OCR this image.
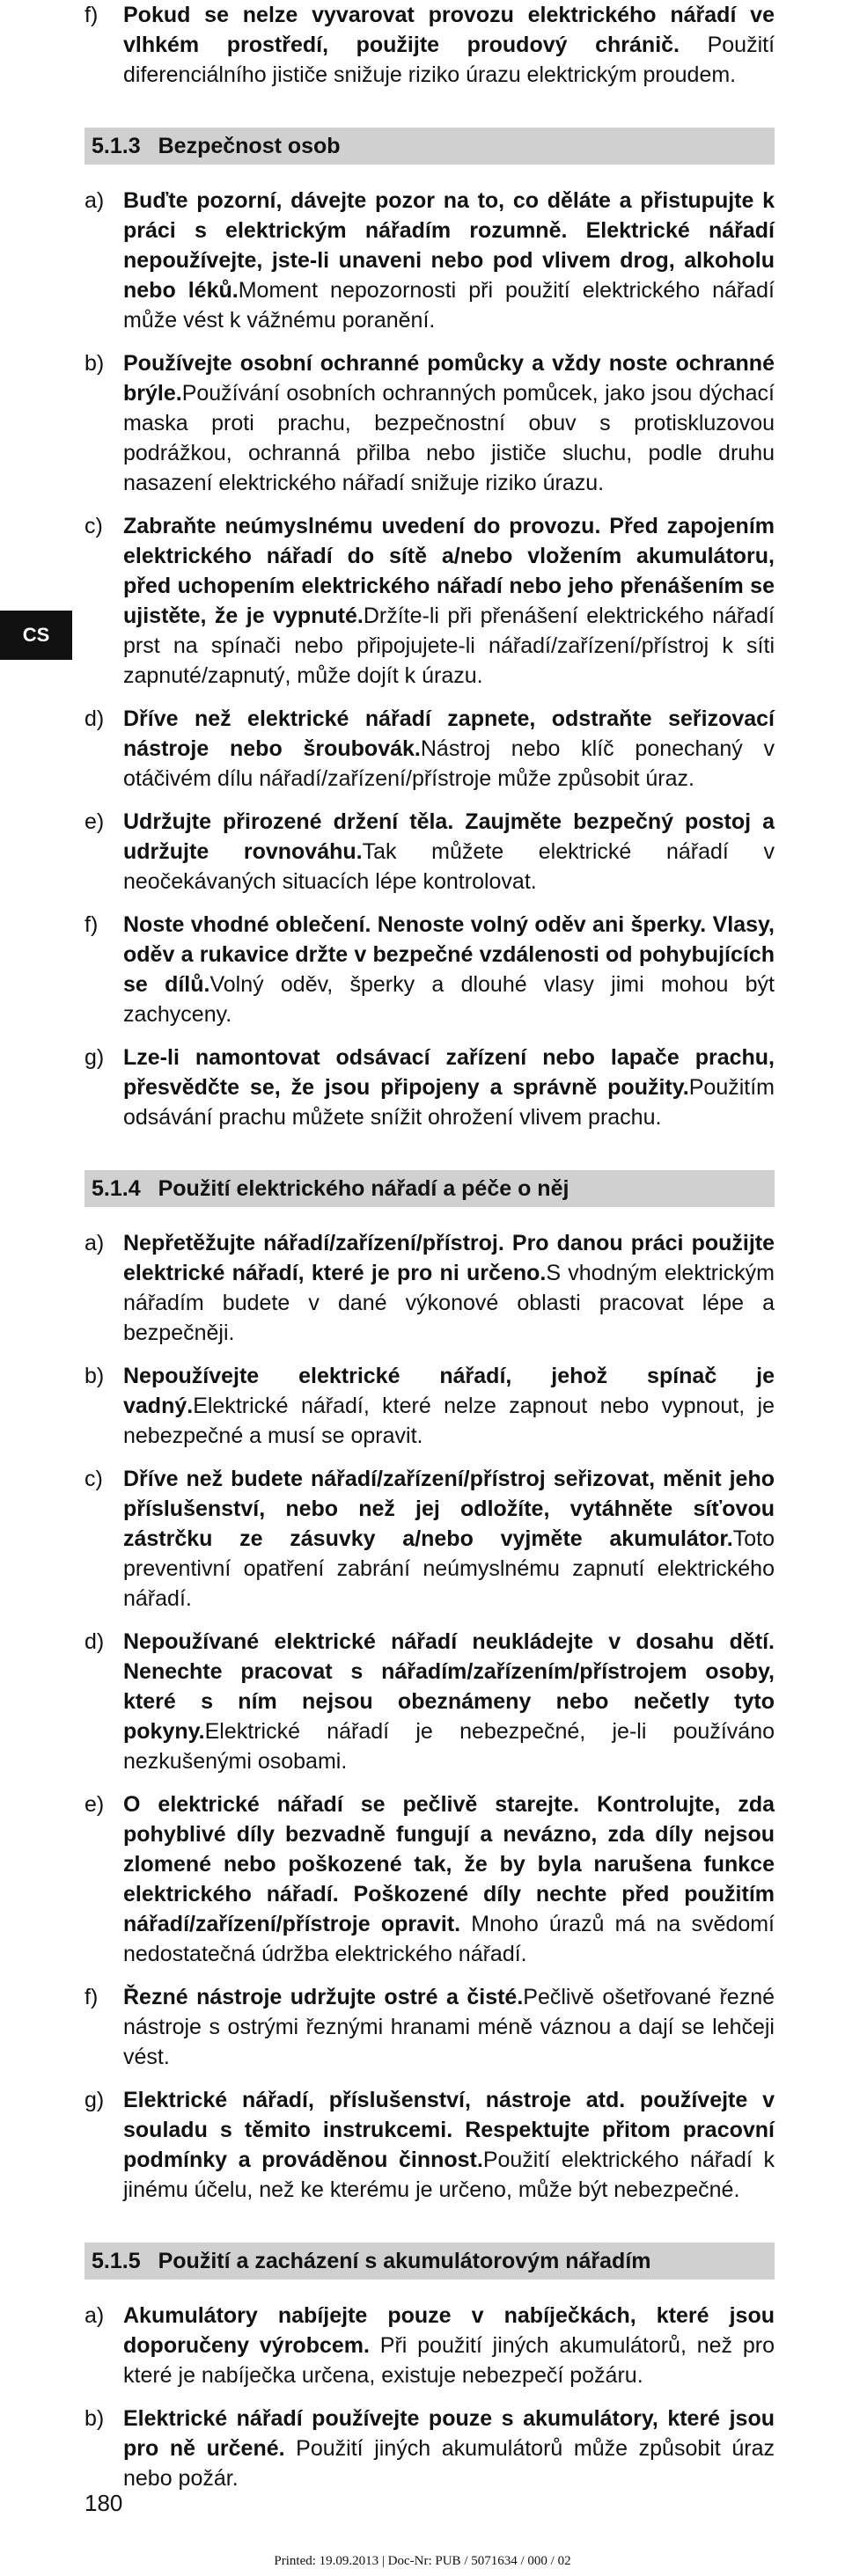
CS
f)	Pokud se nelze vyvarovat provozu elektrického nářadí ve vlhkém prostředí, použijte proudový chránič. Použití diferenciálního jističe snižuje riziko úrazu elektrickým proudem.
5.1.3 Bezpečnost osob
a) Buďte pozorní, dávejte pozor na to, co děláte a přistupujte k práci s elektrickým nářadím rozumně. Elektrické nářadí nepoužívejte, jste-li unaveni nebo pod vlivem drog, alkoholu nebo léků.Moment nepozornosti při použití elektrického nářadí může vést k vážnému poranění.
b) Používejte osobní ochranné pomůcky a vždy noste ochranné brýle.Používání osobních ochranných pomůcek, jako jsou dýchací maska proti prachu, bezpečnostní obuv s protiskluzovou podrážkou, ochranná přilba nebo jističe sluchu, podle druhu nasazení elektrického nářadí snižuje riziko úrazu.
c) Zabraňte neúmyslnému uvedení do provozu. Před zapojením elektrického nářadí do sítě a/nebo vložením akumulátoru, před uchopením elektrického nářadí nebo jeho přenášením se ujistěte, že je vypnuté.Držíte-li při přenášení elektrického nářadí prst na spínači nebo připojujete-li nářadí/zařízení/přístroj k síti zapnuté/zapnutý, může dojít k úrazu.
d) Dříve než elektrické nářadí zapnete, odstraňte seřizovací nástroje nebo šroubovák.Nástroj nebo klíč ponechaný v otáčivém dílu nářadí/zařízení/přístroje může způsobit úraz.
e) Udržujte přirozené držení těla. Zaujměte bezpečný postoj a udržujte rovnováhu.Tak můžete elektrické nářadí v neočekávaných situacích lépe kontrolovat.
f)	Noste vhodné oblečení. Nenoste volný oděv ani šperky. Vlasy, oděv a rukavice držte v bezpečné vzdálenosti od pohybujících se dílů.Volný oděv, šperky a dlouhé vlasy jimi mohou být zachyceny.
g) Lze-li namontovat odsávací zařízení nebo lapače prachu, přesvědčte se, že jsou připojeny a správně použity.Použitím odsávání prachu můžete snížit ohrožení vlivem prachu.
5.1.4 Použití elektrického nářadí a péče o něj
a) Nepřetěžujte nářadí/zařízení/přístroj. Pro danou práci použijte elektrické nářadí, které je pro ni určeno.S vhodným elektrickým nářadím budete v dané výkonové oblasti pracovat lépe a bezpečněji.
b) Nepoužívejte elektrické nářadí, jehož spínač je vadný.Elektrické nářadí, které nelze zapnout nebo vypnout, je nebezpečné a musí se opravit.
c) Dříve než budete nářadí/zařízení/přístroj seřizovat, měnit jeho příslušenství, nebo než jej odložíte, vytáhněte síťovou zástrčku ze zásuvky a/nebo vyjměte akumulátor.Toto preventivní opatření zabrání neúmyslnému zapnutí elektrického nářadí.
d) Nepoužívané elektrické nářadí neukládejte v dosahu dětí. Nenechte pracovat s nářadím/zařízením/přístrojem osoby, které s ním nejsou obeznámeny nebo nečetly tyto pokyny.Elektrické nářadí je nebezpečné, je-li používáno nezkušenými osobami.
e) O elektrické nářadí se pečlivě starejte. Kontrolujte, zda pohyblivé díly bezvadně fungují a nevázno, zda díly nejsou zlomené nebo poškozené tak, že by byla narušena funkce elektrického nářadí. Poškozené díly nechte před použitím nářadí/zařízení/přístroje opravit. Mnoho úrazů má na svědomí nedostatečná údržba elektrického nářadí.
f)	Řezné nástroje udržujte ostré a čisté.Pečlivě ošetřované řezné nástroje s ostrými řeznými hranami méně váznou a dají se lehčeji vést.
g) Elektrické nářadí, příslušenství, nástroje atd. používejte v souladu s těmito instrukcemi. Respektujte přitom pracovní podmínky a prováděnou činnost.Použití elektrického nářadí k jinému účelu, než ke kterému je určeno, může být nebezpečné.
5.1.5 Použití a zacházení s akumulátorovým nářadím
a) Akumulátory nabíjejte pouze v nabíječkách, které jsou doporučeny výrobcem. Při použití jiných akumulátorů, než pro které je nabíječka určena, existuje nebezpečí požáru.
b) Elektrické nářadí používejte pouze s akumulátory, které jsou pro ně určené. Použití jiných akumulátorů může způsobit úraz nebo požár.
180
Printed: 19.09.2013 | Doc-Nr: PUB / 5071634 / 000 / 02
